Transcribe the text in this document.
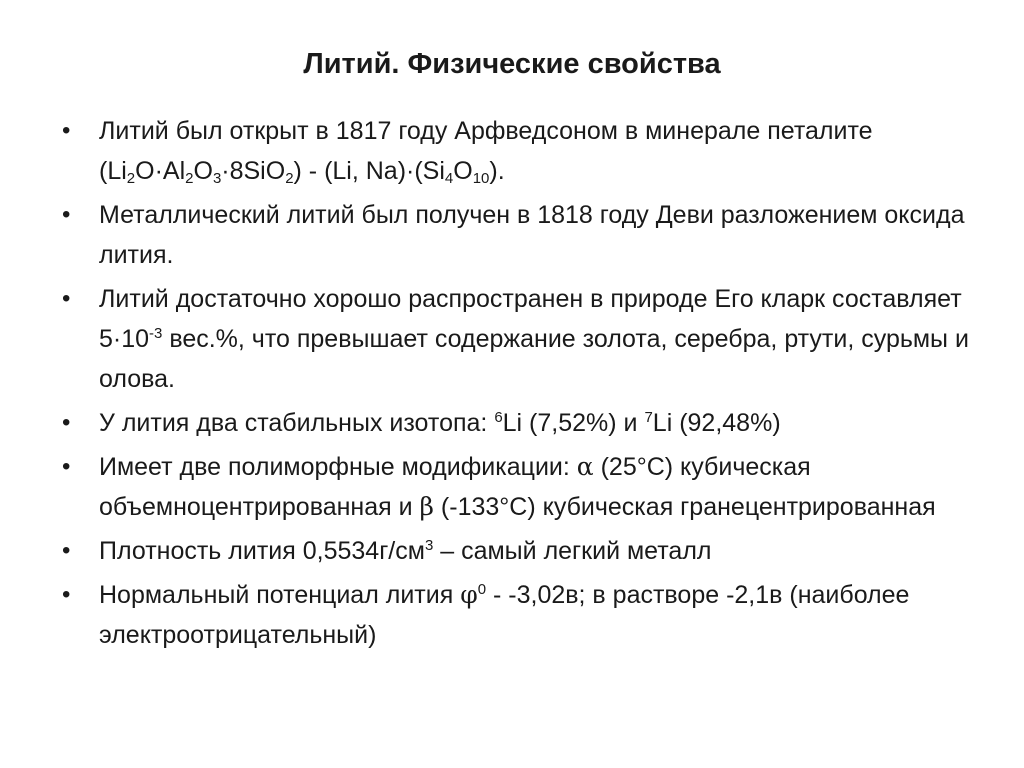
Литий. Физические свойства
• Литий был открыт в 1817 году Арфведсоном в минерале петалите $(Li_2O\cdot Al_2O_3\cdot 8SiO_2) - (Li$, $Na)\cdot(Si_4O_{10})$.
• Металлический литий был получен в 1818 году Деви разложением оксида лития.
• Литий достаточно хорошо распространен в природе Его кларк составляет $5\cdot 10^{-3}$ вес.%, что превышает содержание золота, серебра, ртути, сурьмы и олова.
• У лития два стабильных изотопа: $^6$Li (7,52%) и $^7$Li (92,48%)
• Имеет две полиморфные модификации: α (25°C) кубическая объемноцентрированная и β (-133°C) кубическая гранецентрированная
• Плотность лития $0,5534г/см^3$ – самый легкий металл
• Нормальный потенциал лития $\varphi^0 - -3,02в$; в растворе -2,1в (наиболее электроотрицательный)
